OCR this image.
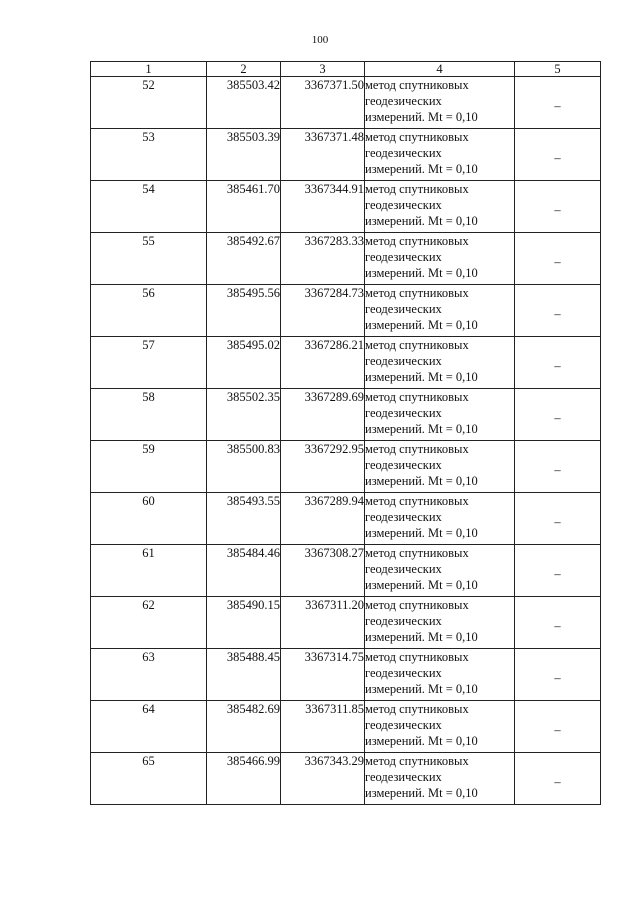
100
1	2	3	4	5
52	385503.42	3367371.50	метод спутниковых
геодезических
измерений. Mt = 0,10	–
53	385503.39	3367371.48	метод спутниковых
геодезических
измерений. Mt = 0,10	–
54	385461.70	3367344.91	метод спутниковых
геодезических
измерений. Mt = 0,10	–
55	385492.67	3367283.33	метод спутниковых
геодезических
измерений. Mt = 0,10	–
56	385495.56	3367284.73	метод спутниковых
геодезических
измерений. Mt = 0,10	–
57	385495.02	3367286.21	метод спутниковых
геодезических
измерений. Mt = 0,10	–
58	385502.35	3367289.69	метод спутниковых
геодезических
измерений. Mt = 0,10	–
59	385500.83	3367292.95	метод спутниковых
геодезических
измерений. Mt = 0,10	–
60	385493.55	3367289.94	метод спутниковых
геодезических
измерений. Mt = 0,10	–
61	385484.46	3367308.27	метод спутниковых
геодезических
измерений. Mt = 0,10	–
62	385490.15	3367311.20	метод спутниковых
геодезических
измерений. Mt = 0,10	–
63	385488.45	3367314.75	метод спутниковых
геодезических
измерений. Mt = 0,10	–
64	385482.69	3367311.85	метод спутниковых
геодезических
измерений. Mt = 0,10	–
65	385466.99	3367343.29	метод спутниковых
геодезических
измерений. Mt = 0,10	–
